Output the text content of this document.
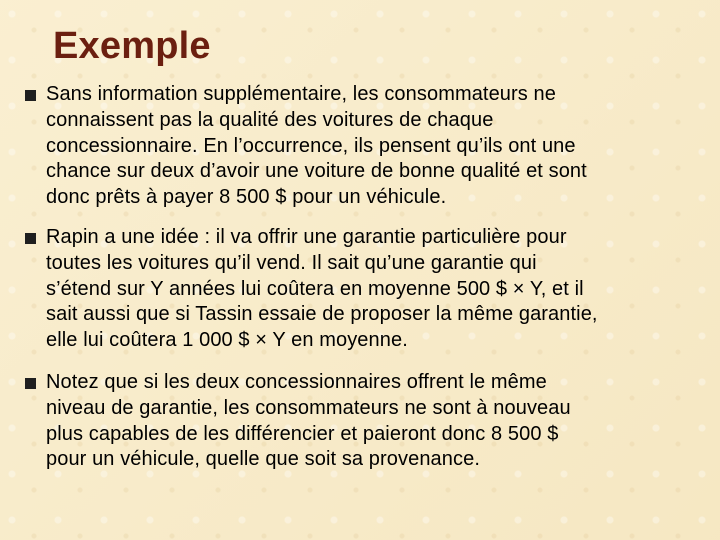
Exemple
Sans information supplémentaire, les consommateurs ne
connaissent pas la qualité des voitures de chaque
concessionnaire. En l’occurrence, ils pensent qu’ils ont une
chance sur deux d’avoir une voiture de bonne qualité et sont
donc prêts à payer 8 500 $ pour un véhicule.
Rapin a une idée : il va offrir une garantie particulière pour
toutes les voitures qu’il vend. Il sait qu’une garantie qui
s’étend sur Y années lui coûtera en moyenne 500 $ × Y, et il
sait aussi que si Tassin essaie de proposer la même garantie,
elle lui coûtera 1 000 $ × Y en moyenne.
Notez que si les deux concessionnaires offrent le même
niveau de garantie, les consommateurs ne sont à nouveau
plus capables de les différencier et paieront donc 8 500 $
pour un véhicule, quelle que soit sa provenance.
